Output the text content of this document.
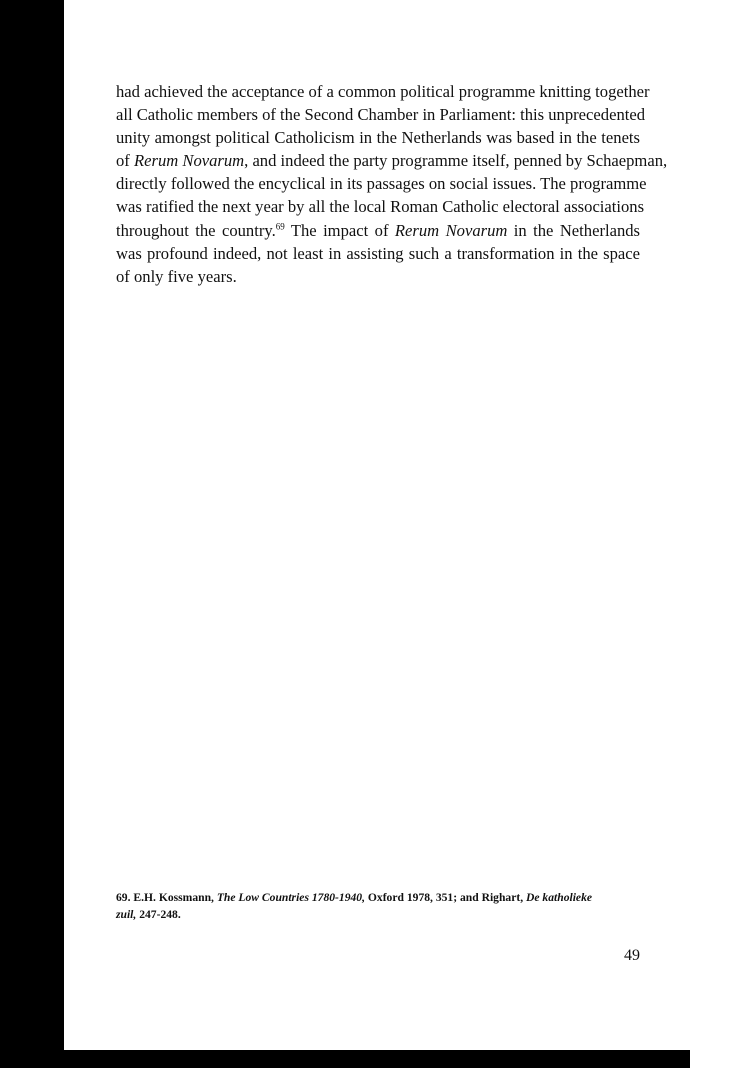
had achieved the acceptance of a common political programme knitting together
all Catholic members of the Second Chamber in Parliament: this unprecedented
unity amongst political Catholicism in the Netherlands was based in the tenets
of Rerum Novarum, and indeed the party programme itself, penned by Schaepman,
directly followed the encyclical in its passages on social issues. The programme
was ratified the next year by all the local Roman Catholic electoral associations
throughout the country.$^{69}$ The impact of Rerum Novarum in the Netherlands
was profound indeed, not least in assisting such a transformation in the space
of only five years.
69. E.H. Kossmann, The Low Countries 1780-1940, Oxford 1978, 351; and Righart, De katholieke
zuil, 247-248.
49
